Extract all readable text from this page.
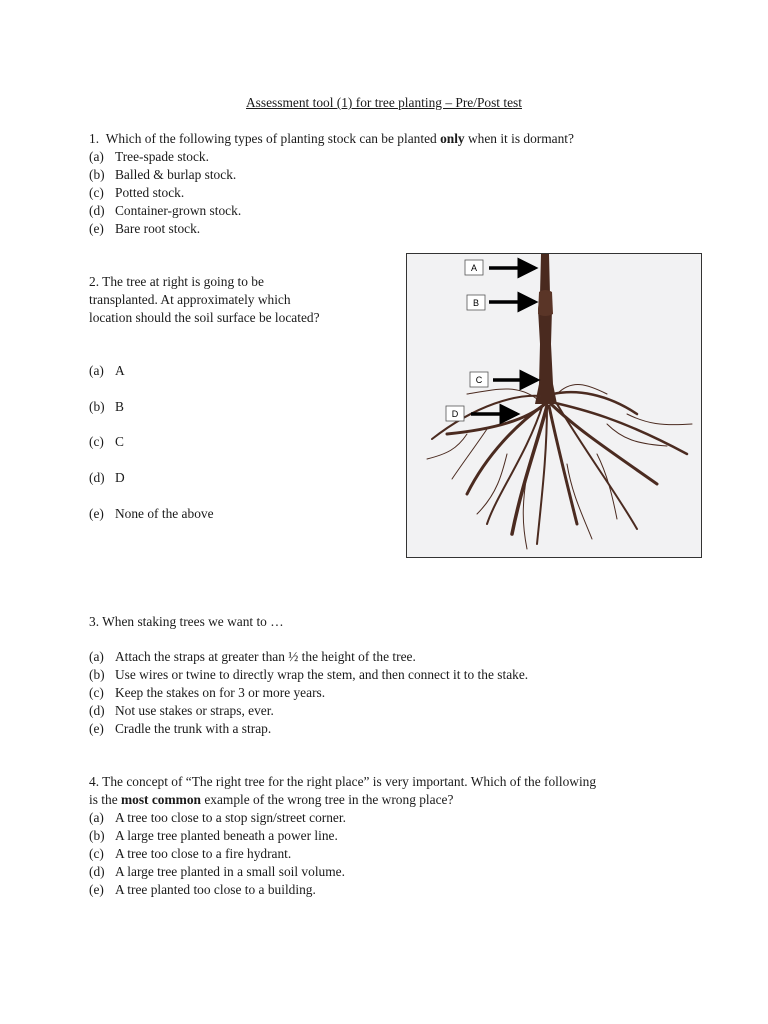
Assessment tool (1) for tree planting – Pre/Post test
1. Which of the following types of planting stock can be planted only when it is dormant?
(a) Tree-spade stock.
(b) Balled & burlap stock.
(c) Potted stock.
(d) Container-grown stock.
(e) Bare root stock.
2. The tree at right is going to be
transplanted. At approximately which
location should the soil surface be located?
(a) A
(b) B
(c) C
(d) D
(e) None of the above
A
B
C
D
3. When staking trees we want to …
(a) Attach the straps at greater than ½ the height of the tree.
(b) Use wires or twine to directly wrap the stem, and then connect it to the stake.
(c) Keep the stakes on for 3 or more years.
(d) Not use stakes or straps, ever.
(e) Cradle the trunk with a strap.
4. The concept of “The right tree for the right place” is very important. Which of the following
is the most common example of the wrong tree in the wrong place?
(a) A tree too close to a stop sign/street corner.
(b) A large tree planted beneath a power line.
(c) A tree too close to a fire hydrant.
(d) A large tree planted in a small soil volume.
(e) A tree planted too close to a building.
